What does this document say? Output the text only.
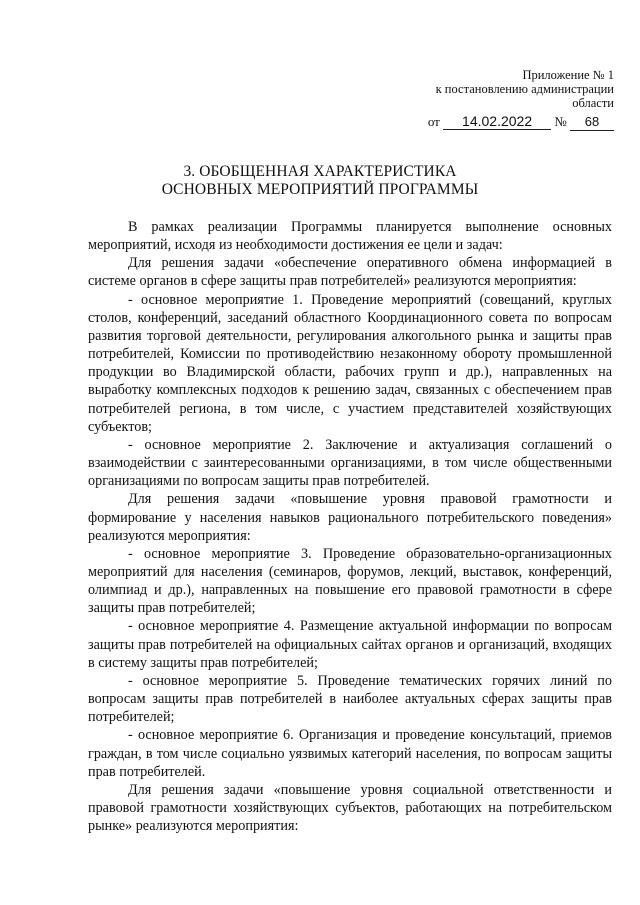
Приложение № 1
к постановлению администрации
области
от 14.02.2022 № 68
3. ОБОБЩЕННАЯ ХАРАКТЕРИСТИКА
ОСНОВНЫХ МЕРОПРИЯТИЙ ПРОГРАММЫ

В рамках реализации Программы планируется выполнение основных мероприятий, исходя из необходимости достижения ее цели и задач:

Для решения задачи «обеспечение оперативного обмена информацией в системе органов в сфере защиты прав потребителей» реализуются мероприятия:

- основное мероприятие 1. Проведение мероприятий (совещаний, круглых столов, конференций, заседаний областного Координационного совета по вопросам развития торговой деятельности, регулирования алкогольного рынка и защиты прав потребителей, Комиссии по противодействию незаконному обороту промышленной продукции во Владимирской области, рабочих групп и др.), направленных на выработку комплексных подходов к решению задач, связанных с обеспечением прав потребителей региона, в том числе, с участием представителей хозяйствующих субъектов;

- основное мероприятие 2. Заключение и актуализация соглашений о взаимодействии с заинтересованными организациями, в том числе общественными организациями по вопросам защиты прав потребителей.

Для решения задачи «повышение уровня правовой грамотности и формирование у населения навыков рационального потребительского поведения» реализуются мероприятия:

- основное мероприятие 3. Проведение образовательно-организационных мероприятий для населения (семинаров, форумов, лекций, выставок, конференций, олимпиад и др.), направленных на повышение его правовой грамотности в сфере защиты прав потребителей;

- основное мероприятие 4. Размещение актуальной информации по вопросам защиты прав потребителей на официальных сайтах органов и организаций, входящих в систему защиты прав потребителей;

- основное мероприятие 5. Проведение тематических горячих линий по вопросам защиты прав потребителей в наиболее актуальных сферах защиты прав потребителей;

- основное мероприятие 6. Организация и проведение консультаций, приемов граждан, в том числе социально уязвимых категорий населения, по вопросам защиты прав потребителей.

Для решения задачи «повышение уровня социальной ответственности и правовой грамотности хозяйствующих субъектов, работающих на потребительском рынке» реализуются мероприятия:
